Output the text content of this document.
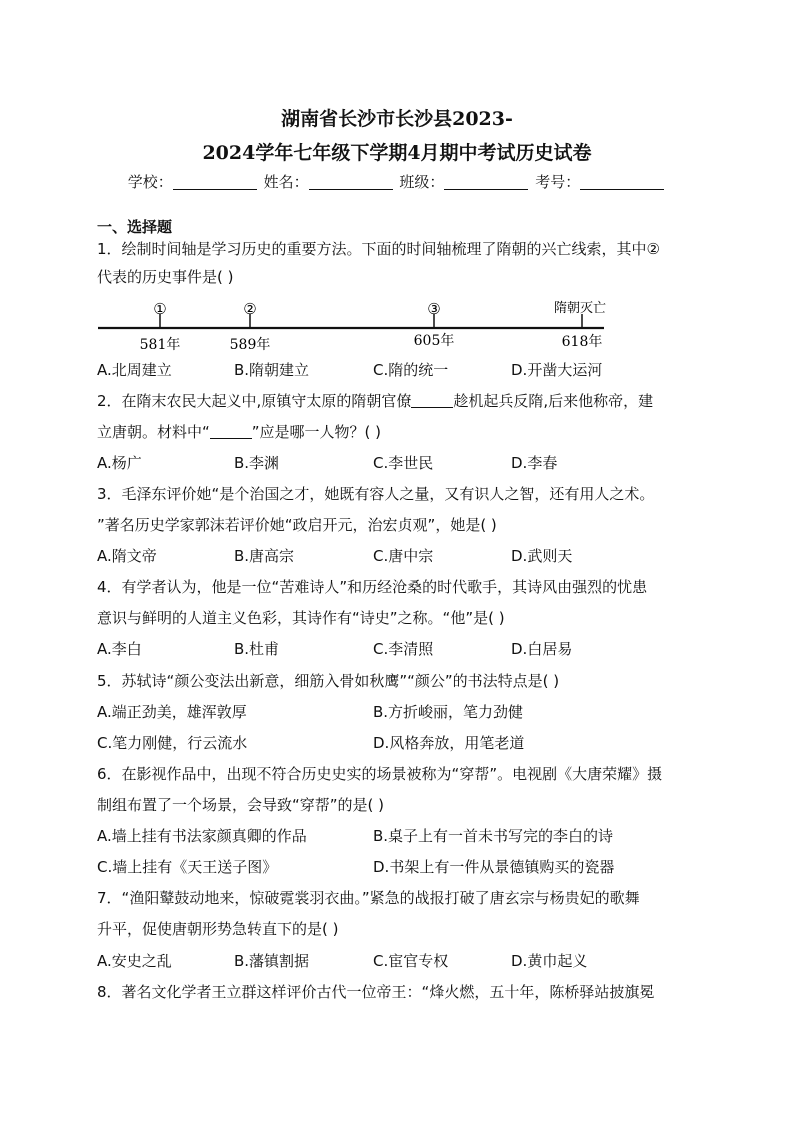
湖南省长沙市长沙县2023-
2024学年七年级下学期4月期中考试历史试卷
学校：	姓名：	班级：	考号：
一、选择题
1．绘制时间轴是学习历史的重要方法。下面的时间轴梳理了隋朝的兴亡线索，其中②
代表的历史事件是( )
①	②	③	隋朝灭亡
581年	589年	605年	618年
A.北周建立	B.隋朝建立	C.隋的统一	D.开凿大运河
2．在隋末农民大起义中,原镇守太原的隋朝官僚	趁机起兵反隋,后来他称帝，建
立唐朝。材料中“	”应是哪一人物？( )
A.杨广	B.李渊	C.李世民	D.李春
3．毛泽东评价她“是个治国之才，她既有容人之量，又有识人之智，还有用人之术。
”著名历史学家郭沫若评价她“政启开元，治宏贞观”，她是( )
A.隋文帝	B.唐高宗	C.唐中宗	D.武则天
4．有学者认为，他是一位“苦难诗人”和历经沧桑的时代歌手，其诗风由强烈的忧患
意识与鲜明的人道主义色彩，其诗作有“诗史”之称。“他”是( )
A.李白	B.杜甫	C.李清照	D.白居易
5．苏轼诗“颜公变法出新意，细筋入骨如秋鹰”“颜公”的书法特点是( )
A.端正劲美，雄浑敦厚	B.方折峻丽，笔力劲健
C.笔力刚健，行云流水	D.风格奔放，用笔老道
6．在影视作品中，出现不符合历史史实的场景被称为“穿帮”。电视剧《大唐荣耀》摄
制组布置了一个场景，会导致“穿帮”的是( )
A.墙上挂有书法家颜真卿的作品	B.桌子上有一首未书写完的李白的诗
C.墙上挂有《天王送子图》	D.书架上有一件从景德镇购买的瓷器
7．“渔阳鼙鼓动地来，惊破霓裳羽衣曲。”紧急的战报打破了唐玄宗与杨贵妃的歌舞
升平，促使唐朝形势急转直下的是( )
A.安史之乱	B.藩镇割据	C.宦官专权	D.黄巾起义
8．著名文化学者王立群这样评价古代一位帝王：“烽火燃，五十年，陈桥驿站披旗冕
